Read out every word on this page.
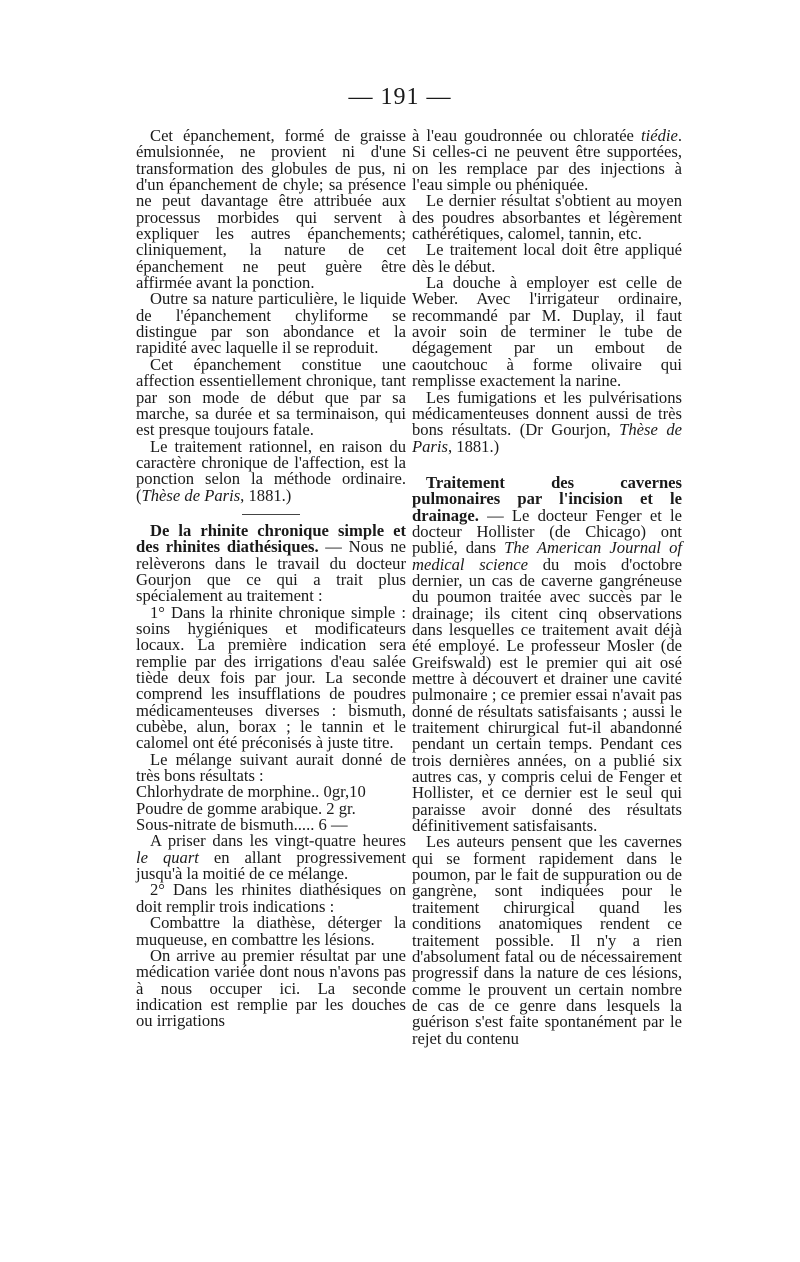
— 191 —

Cet épanchement, formé de graisse émulsionnée, ne provient ni d'une transformation des globules de pus, ni d'un épanchement de chyle; sa présence ne peut davantage être attribuée aux processus morbides qui servent à expliquer les autres épanchements; cliniquement, la nature de cet épanchement ne peut guère être affirmée avant la ponction.

Outre sa nature particulière, le liquide de l'épanchement chyliforme se distingue par son abondance et la rapidité avec laquelle il se reproduit.

Cet épanchement constitue une affection essentiellement chronique, tant par son mode de début que par sa marche, sa durée et sa terminaison, qui est presque toujours fatale.

Le traitement rationnel, en raison du caractère chronique de l'affection, est la ponction selon la méthode ordinaire. (Thèse de Paris, 1881.)

De la rhinite chronique simple et des rhinites diathésiques. — Nous ne relèverons dans le travail du docteur Gourjon que ce qui a trait plus spécialement au traitement :

1° Dans la rhinite chronique simple : soins hygiéniques et modificateurs locaux. La première indication sera remplie par des irrigations d'eau salée tiède deux fois par jour. La seconde comprend les insufflations de poudres médicamenteuses diverses : bismuth, cubèbe, alun, borax ; le tannin et le calomel ont été préconisés à juste titre.

Le mélange suivant aurait donné de très bons résultats :

Chlorhydrate de morphine.. 0gr,10

Poudre de gomme arabique. 2 gr.

Sous-nitrate de bismuth..... 6 —

A priser dans les vingt-quatre heures le quart en allant progressivement jusqu'à la moitié de ce mélange.

2° Dans les rhinites diathésiques on doit remplir trois indications :

Combattre la diathèse, déterger la muqueuse, en combattre les lésions.

On arrive au premier résultat par une médication variée dont nous n'avons pas à nous occuper ici. La seconde indication est remplie par les douches ou irrigations

à l'eau goudronnée ou chloratée tiédie. Si celles-ci ne peuvent être supportées, on les remplace par des injections à l'eau simple ou phéniquée.

Le dernier résultat s'obtient au moyen des poudres absorbantes et légèrement cathérétiques, calomel, tannin, etc.

Le traitement local doit être appliqué dès le début.

La douche à employer est celle de Weber. Avec l'irrigateur ordinaire, recommandé par M. Duplay, il faut avoir soin de terminer le tube de dégagement par un embout de caoutchouc à forme olivaire qui remplisse exactement la narine.

Les fumigations et les pulvérisations médicamenteuses donnent aussi de très bons résultats. (Dr Gourjon, Thèse de Paris, 1881.)

Traitement des cavernes pulmonaires par l'incision et le drainage. — Le docteur Fenger et le docteur Hollister (de Chicago) ont publié, dans The American Journal of medical science du mois d'octobre dernier, un cas de caverne gangréneuse du poumon traitée avec succès par le drainage; ils citent cinq observations dans lesquelles ce traitement avait déjà été employé. Le professeur Mosler (de Greifswald) est le premier qui ait osé mettre à découvert et drainer une cavité pulmonaire ; ce premier essai n'avait pas donné de résultats satisfaisants ; aussi le traitement chirurgical fut-il abandonné pendant un certain temps. Pendant ces trois dernières années, on a publié six autres cas, y compris celui de Fenger et Hollister, et ce dernier est le seul qui paraisse avoir donné des résultats définitivement satisfaisants.

Les auteurs pensent que les cavernes qui se forment rapidement dans le poumon, par le fait de suppuration ou de gangrène, sont indiquées pour le traitement chirurgical quand les conditions anatomiques rendent ce traitement possible. Il n'y a rien d'absolument fatal ou de nécessairement progressif dans la nature de ces lésions, comme le prouvent un certain nombre de cas de ce genre dans lesquels la guérison s'est faite spontanément par le rejet du contenu
